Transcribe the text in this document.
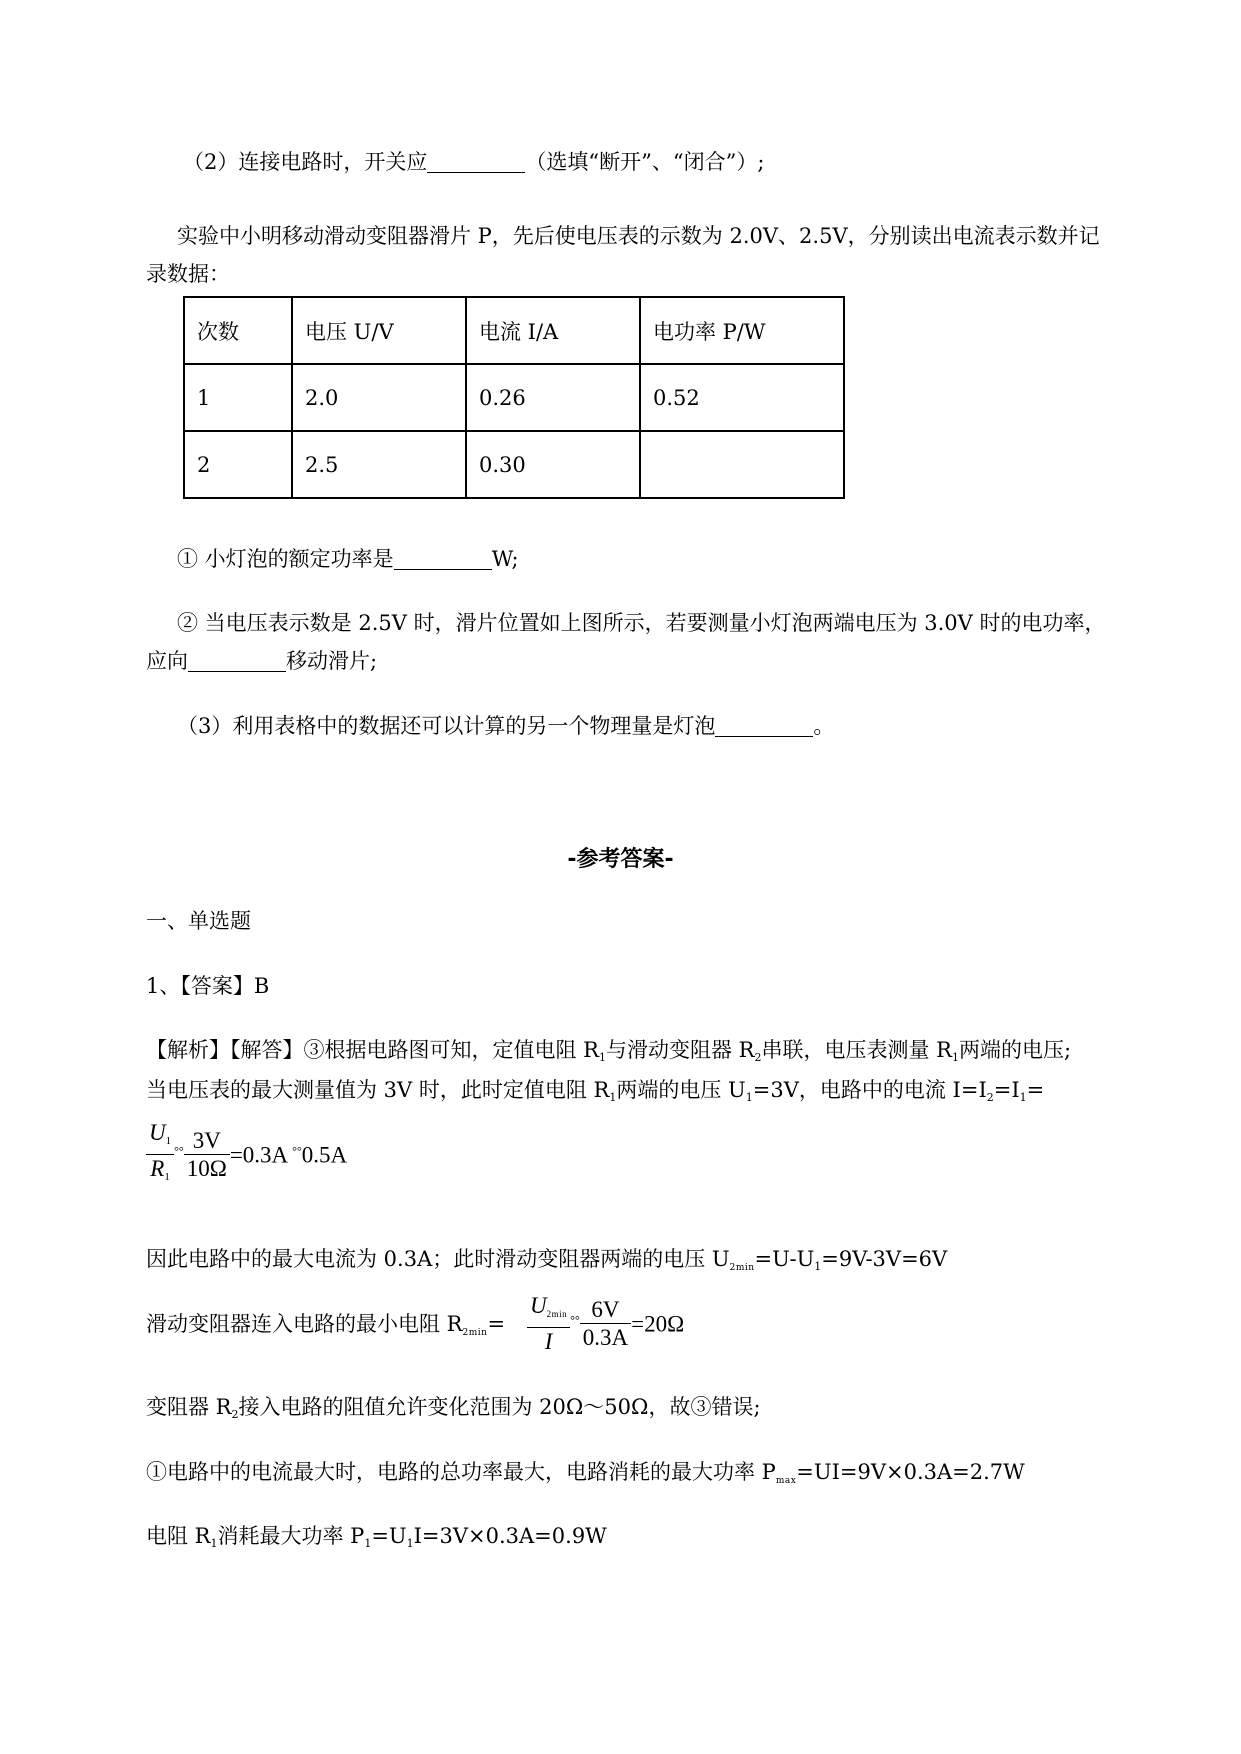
（2）连接电路时，开关应	（选填“断开”、“闭合”）;
实验中小明移动滑动变阻器滑片 P，先后使电压表的示数为 2.0V、2.5V，分别读出电流表示数并记
录数据：
次数	电压 U/V	电流 I/A	电功率 P/W
1	2.0	0.26	0.52
2	2.5	0.30	
① 小灯泡的额定功率是	W;
② 当电压表示数是 2.5V 时，滑片位置如上图所示，若要测量小灯泡两端电压为 3.0V 时的电功率，
应向	移动滑片;
（3）利用表格中的数据还可以计算的另一个物理量是灯泡	。
-参考答案-
一、单选题
1、【答案】B
【解析】【解答】③根据电路图可知，定值电阻 $R_1$与滑动变阻器 $R_2$串联，电压表测量 $R_1$两端的电压;
当电压表的最大测量值为 3V 时，此时定值电阻 $R_1$两端的电压 $U_1=3V$，电路中的电流 $I=I_2=I_1=$
$\frac{U_1}{R_1} ^{^\circ^\circ} \frac{3V}{10\Omega} =0.3A$ °°0.5A
因此电路中的最大电流为 0.3A；此时滑动变阻器两端的电压 $U2\min=U-U_1=9V-3V=6V$
滑动变阻器连入电路的最小电阻 $R2\min= \frac{U2\min}{I} ^{^\circ^\circ} \frac{6V}{0.3A} =20\Omega$
变阻器 $R_2$接入电路的阻值允许变化范围为 20Ω～50Ω，故③错误;
①电路中的电流最大时，电路的总功率最大，电路消耗的最大功率 Pmax=UI=9V×0.3A=2.7W
电阻 $R_1$消耗最大功率 $P_1=U_1I=3V\times 0.3A=0.9W$
